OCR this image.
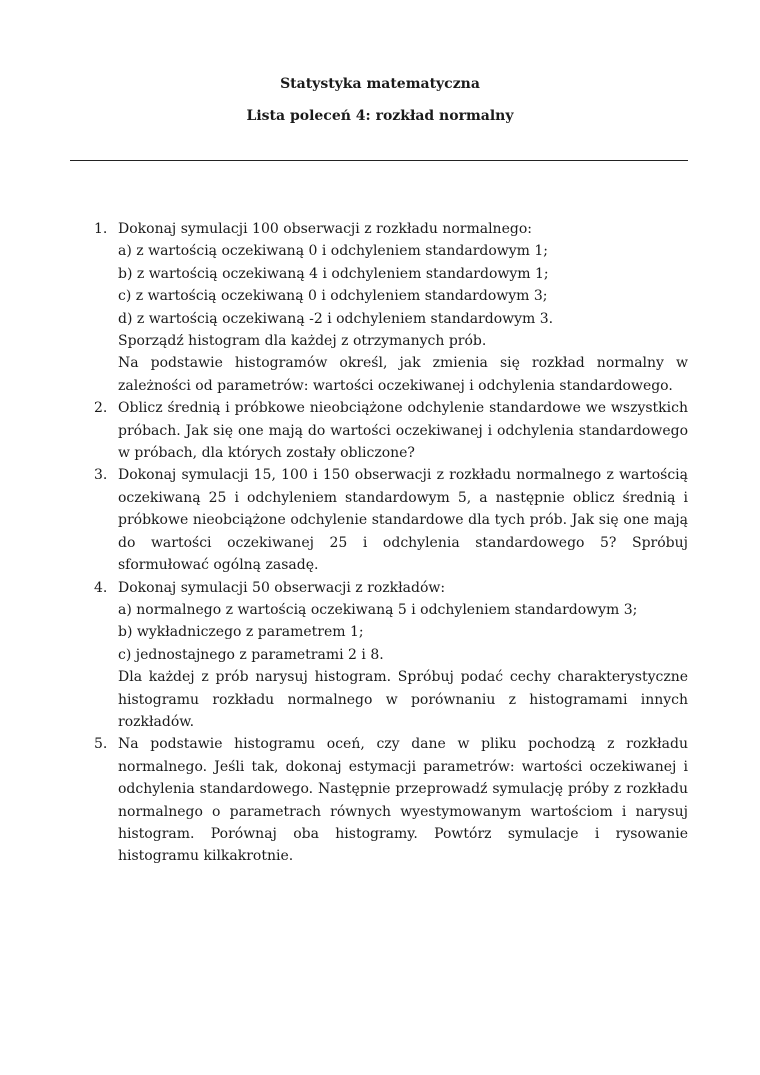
Statystyka matematyczna
Lista poleceń 4: rozkład normalny
1. Dokonaj symulacji 100 obserwacji z rozkładu normalnego:
a) z wartością oczekiwaną 0 i odchyleniem standardowym 1;
b) z wartością oczekiwaną 4 i odchyleniem standardowym 1;
c) z wartością oczekiwaną 0 i odchyleniem standardowym 3;
d) z wartością oczekiwaną -2 i odchyleniem standardowym 3.
Sporządź histogram dla każdej z otrzymanych prób.
Na podstawie histogramów określ, jak zmienia się rozkład normalny w zależności od parametrów: wartości oczekiwanej i odchylenia standardowego.
2. Oblicz średnią i próbkowe nieobciążone odchylenie standardowe we wszystkich próbach. Jak się one mają do wartości oczekiwanej i odchylenia standardowego w próbach, dla których zostały obliczone?
3. Dokonaj symulacji 15, 100 i 150 obserwacji z rozkładu normalnego z wartością oczekiwaną 25 i odchyleniem standardowym 5, a następnie oblicz średnią i próbkowe nieobciążone odchylenie standardowe dla tych prób. Jak się one mają do wartości oczekiwanej 25 i odchylenia standardowego 5? Spróbuj sformułować ogólną zasadę.
4. Dokonaj symulacji 50 obserwacji z rozkładów:
a) normalnego z wartością oczekiwaną 5 i odchyleniem standardowym 3;
b) wykładniczego z parametrem 1;
c) jednostajnego z parametrami 2 i 8.
Dla każdej z prób narysuj histogram. Spróbuj podać cechy charakterystyczne histogramu rozkładu normalnego w porównaniu z histogramami innych rozkładów.
5. Na podstawie histogramu oceń, czy dane w pliku pochodzą z rozkładu normalnego. Jeśli tak, dokonaj estymacji parametrów: wartości oczekiwanej i odchylenia standardowego. Następnie przeprowadź symulację próby z rozkładu normalnego o parametrach równych wyestymowanym wartościom i narysuj histogram. Porównaj oba histogramy. Powtórz symulacje i rysowanie histogramu kilkakrotnie.
